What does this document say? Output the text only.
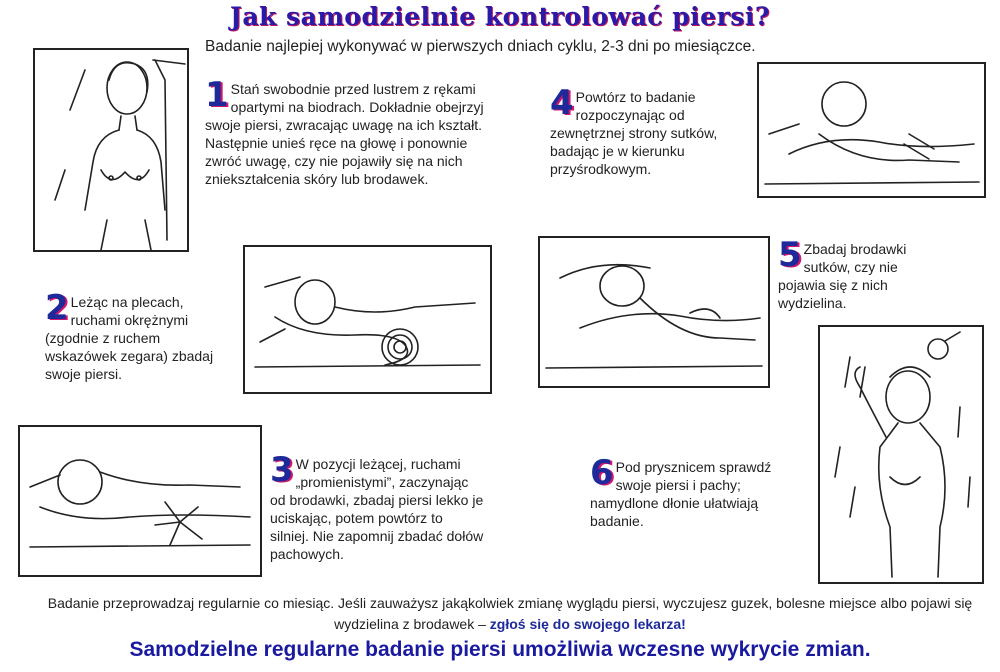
Jak samodzielnie kontrolować piersi?
Badanie najlepiej wykonywać w pierwszych dniach cyklu, 2-3 dni po miesiączce.
1 Stań swobodnie przed lustrem z rękami opartymi na biodrach. Dokładnie obejrzyj swoje piersi, zwracając uwagę na ich kształt. Następnie unieś ręce na głowę i ponownie zwróć uwagę, czy nie pojawiły się na nich zniekształcenia skóry lub brodawek.
2 Leżąc na plecach, ruchami okrężnymi (zgodnie z ruchem wskazówek zegara) zbadaj swoje piersi.
3 W pozycji leżącej, ruchami „promienistymi”, zaczynając od brodawki, zbadaj piersi lekko je uciskając, potem powtórz to silniej. Nie zapomnij zbadać dołów pachowych.
4 Powtórz to badanie rozpoczynając od zewnętrznej strony sutków, badając je w kierunku przyśrodkowym.
5 Zbadaj brodawki sutków, czy nie pojawia się z nich wydzielina.
6 Pod prysznicem sprawdź swoje piersi i pachy; namydlone dłonie ułatwiają badanie.
Badanie przeprowadzaj regularnie co miesiąc. Jeśli zauważysz jakąkolwiek zmianę wyglądu piersi, wyczujesz guzek, bolesne miejsce albo pojawi się wydzielina z brodawek – zgłoś się do swojego lekarza!
Samodzielne regularne badanie piersi umożliwia wczesne wykrycie zmian.
